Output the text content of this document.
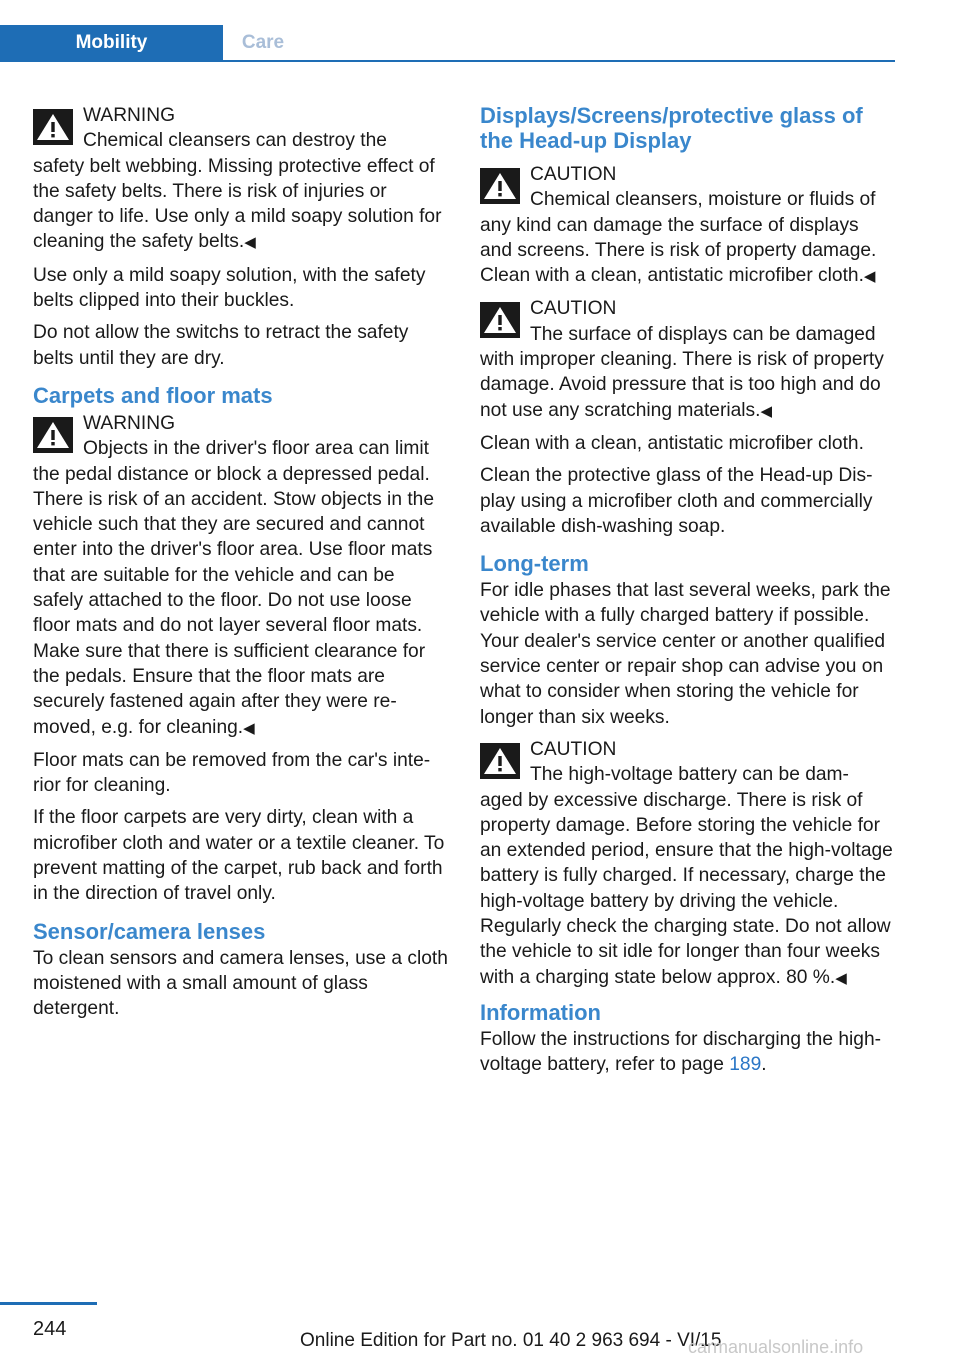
Mobility	Care
WARNING
Chemical cleansers can destroy the
safety belt webbing. Missing protective effect of the safety belts. There is risk of injuries or danger to life. Use only a mild soapy solution for cleaning the safety belts.◀

Use only a mild soapy solution, with the safety belts clipped into their buckles.

Do not allow the switchs to retract the safety belts until they are dry.

Carpets and floor mats
WARNING
Objects in the driver's floor area can limit
the pedal distance or block a depressed pedal. There is risk of an accident. Stow objects in the vehicle such that they are secured and cannot enter into the driver's floor area. Use floor mats that are suitable for the vehicle and can be safely attached to the floor. Do not use loose floor mats and do not layer several floor mats. Make sure that there is sufficient clearance for the pedals. Ensure that the floor mats are securely fastened again after they were removed, e.g. for cleaning.◀

Floor mats can be removed from the car's interior for cleaning.

If the floor carpets are very dirty, clean with a microfiber cloth and water or a textile cleaner. To prevent matting of the carpet, rub back and forth in the direction of travel only.

Sensor/camera lenses

To clean sensors and camera lenses, use a cloth moistened with a small amount of glass detergent.

Displays/Screens/protective glass of the Head-up Display
CAUTION
Chemical cleansers, moisture or fluids of
any kind can damage the surface of displays and screens. There is risk of property damage. Clean with a clean, antistatic microfiber cloth.◀
CAUTION
The surface of displays can be damaged
with improper cleaning. There is risk of property damage. Avoid pressure that is too high and do not use any scratching materials.◀

Clean with a clean, antistatic microfiber cloth.

Clean the protective glass of the Head-up Display using a microfiber cloth and commercially available dish-washing soap.

Long-term

For idle phases that last several weeks, park the vehicle with a fully charged battery if possible. Your dealer's service center or another qualified service center or repair shop can advise you on what to consider when storing the vehicle for longer than six weeks.

CAUTION
The high-voltage battery can be dam-
aged by excessive discharge. There is risk of property damage. Before storing the vehicle for an extended period, ensure that the high-voltage battery is fully charged. If necessary, charge the high-voltage battery by driving the vehicle. Regularly check the charging state. Do not allow the vehicle to sit idle for longer than four weeks with a charging state below approx. 80 %.◀
Information

Follow the instructions for discharging the high-voltage battery, refer to page 189.

244
Online Edition for Part no. 01 40 2 963 694 - VI/15
carmanualsonline.info
